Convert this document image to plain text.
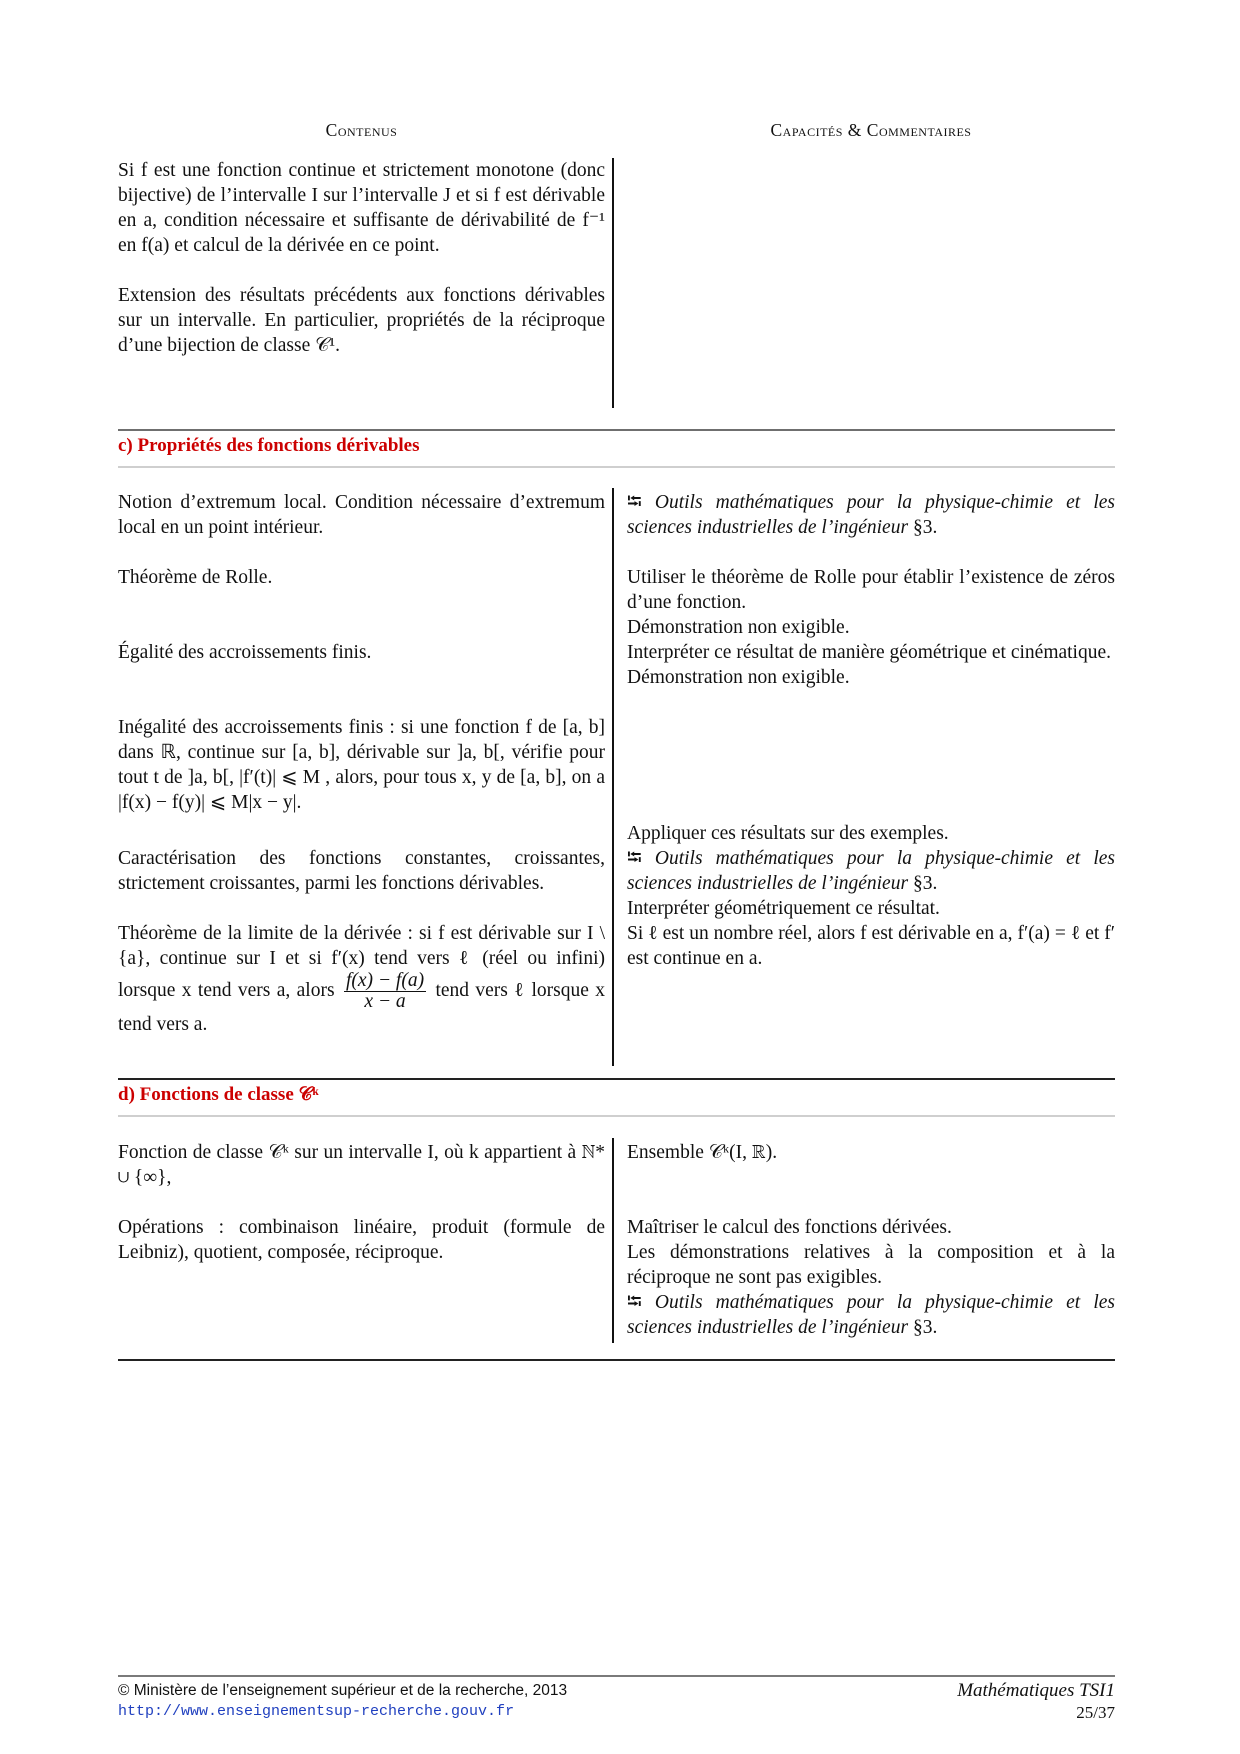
Contenus	Capacités & Commentaires

Si f est une fonction continue et strictement monotone (donc bijective) de l’intervalle I sur l’intervalle J et si f est dérivable en a, condition nécessaire et suffisante de dérivabilité de f⁻¹ en f(a) et calcul de la dérivée en ce point.

Extension des résultats précédents aux fonctions dérivables sur un intervalle. En particulier, propriétés de la réciproque d’une bijection de classe 𝒞¹.

c) Propriétés des fonctions dérivables

Notion d’extremum local. Condition nécessaire d’extremum local en un point intérieur.

Théorème de Rolle.

Égalité des accroissements finis.

Inégalité des accroissements finis : si une fonction f de [a, b] dans ℝ, continue sur [a, b], dérivable sur ]a, b[, vérifie pour tout t de ]a, b[, |f′(t)| ⩽ M , alors, pour tous x, y de [a, b], on a |f(x) − f(y)| ⩽ M|x − y|.

Caractérisation des fonctions constantes, croissantes, strictement croissantes, parmi les fonctions dérivables.

Théorème de la limite de la dérivée : si f est dérivable sur I \ {a}, continue sur I et si f′(x) tend vers ℓ (réel ou infini) lorsque x tend vers a, alors $\frac{f(x) - f(a)}{x - a}$ tend vers ℓ lorsque x tend vers a.

⭾ Outils mathématiques pour la physique-chimie et les sciences industrielles de l’ingénieur §3.

Utiliser le théorème de Rolle pour établir l’existence de zéros d’une fonction.

Démonstration non exigible.

Interpréter ce résultat de manière géométrique et cinématique.

Démonstration non exigible.

Appliquer ces résultats sur des exemples.

⭾ Outils mathématiques pour la physique-chimie et les sciences industrielles de l’ingénieur §3.

Interpréter géométriquement ce résultat.

Si ℓ est un nombre réel, alors f est dérivable en a, f′(a) = ℓ et f′ est continue en a.

d) Fonctions de classe 𝒞ᵏ

Fonction de classe 𝒞ᵏ sur un intervalle I, où k appartient à ℕ* ∪ {∞},

Opérations : combinaison linéaire, produit (formule de Leibniz), quotient, composée, réciproque.

Ensemble 𝒞ᵏ(I, ℝ).

Maîtriser le calcul des fonctions dérivées.

Les démonstrations relatives à la composition et à la réciproque ne sont pas exigibles.

⭾ Outils mathématiques pour la physique-chimie et les sciences industrielles de l’ingénieur §3.

© Ministère de l’enseignement supérieur et de la recherche, 2013
http://www.enseignementsup-recherche.gouv.fr
Mathématiques TSI1
25/37
